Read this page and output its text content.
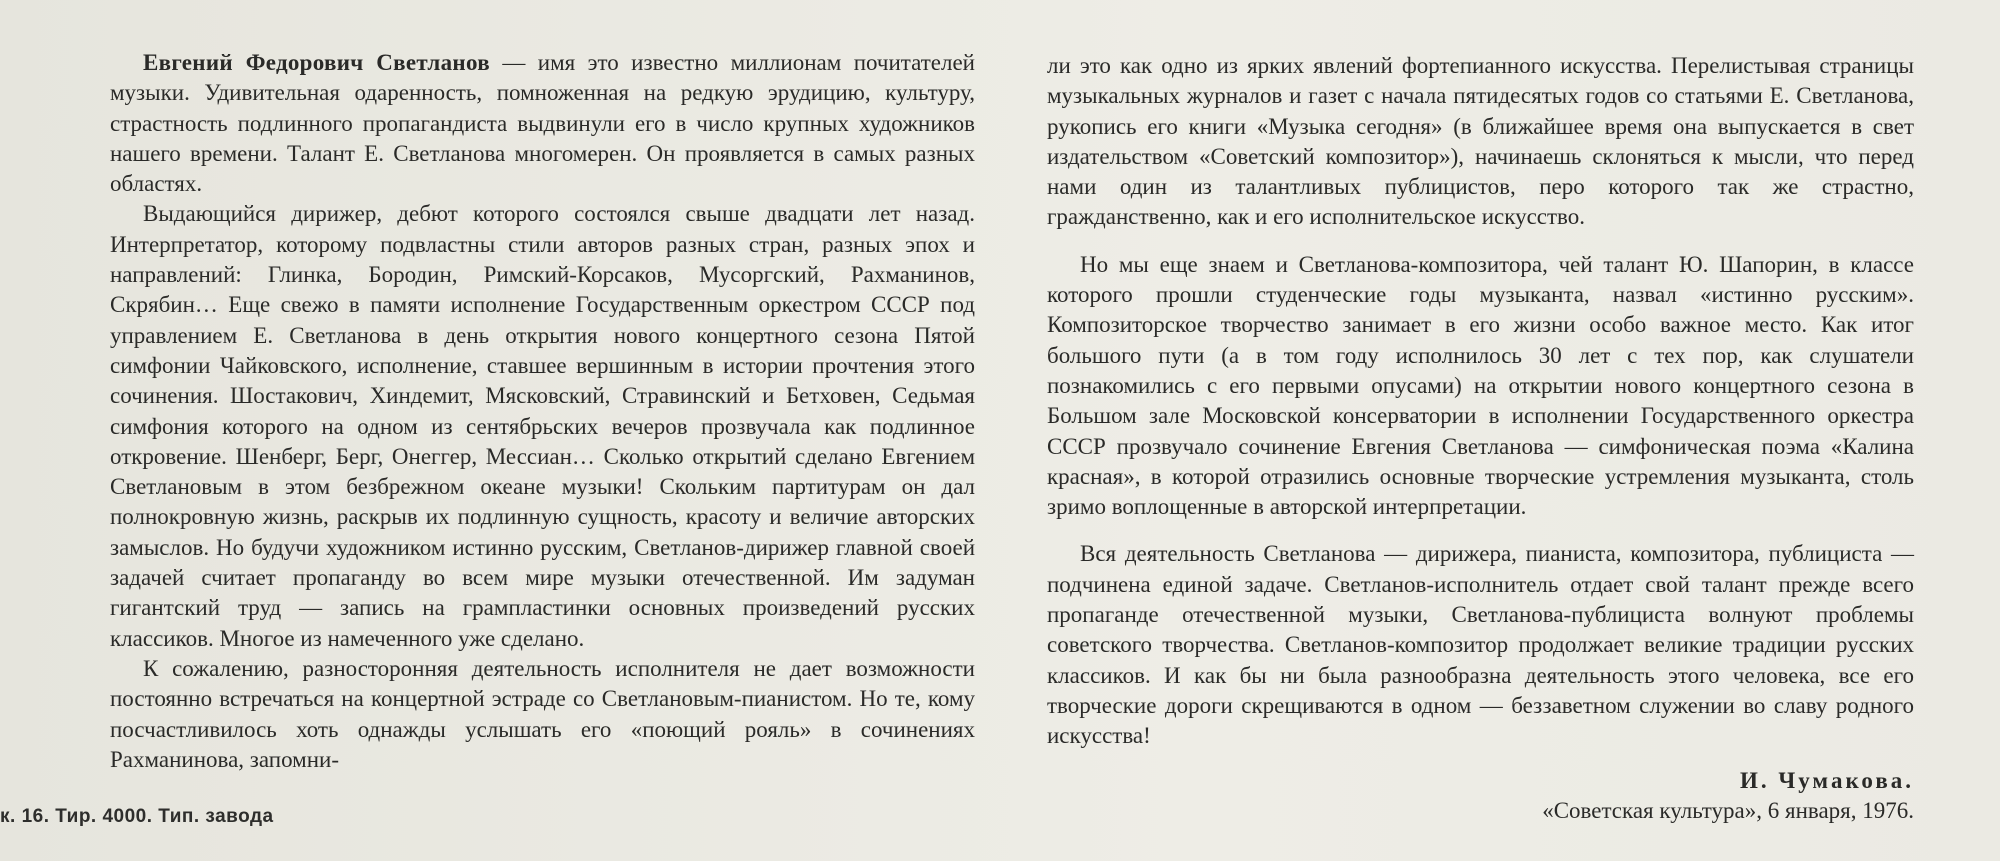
Евгений Федорович Светланов — имя это известно миллионам почитателей музыки. Удивительная одаренность, помноженная на редкую эрудицию, культуру, страстность подлинного пропагандиста выдвинули его в число крупных художников нашего времени. Талант Е. Светланова многомерен. Он проявляется в самых разных областях.

Выдающийся дирижер, дебют которого состоялся свыше двадцати лет назад. Интерпретатор, которому подвластны стили авторов разных стран, разных эпох и направлений: Глинка, Бородин, Римский-Корсаков, Мусоргский, Рахманинов, Скрябин… Еще свежо в памяти исполнение Государственным оркестром СССР под управлением Е. Светланова в день открытия нового концертного сезона Пятой симфонии Чайковского, исполнение, ставшее вершинным в истории прочтения этого сочинения. Шостакович, Хиндемит, Мясковский, Стравинский и Бетховен, Седьмая симфония которого на одном из сентябрьских вечеров прозвучала как подлинное откровение. Шенберг, Берг, Онеггер, Мессиан… Сколько открытий сделано Евгением Светлановым в этом безбрежном океане музыки! Скольким партитурам он дал полнокровную жизнь, раскрыв их подлинную сущность, красоту и величие авторских замыслов. Но будучи художником истинно русским, Светланов-дирижер главной своей задачей считает пропаганду во всем мире музыки отечественной. Им задуман гигантский труд — запись на грампластинки основных произведений русских классиков. Многое из намеченного уже сделано.

К сожалению, разносторонняя деятельность исполнителя не дает возможности постоянно встречаться на концертной эстраде со Светлановым-пианистом. Но те, кому посчастливилось хоть однажды услышать его «поющий рояль» в сочинениях Рахманинова, запомни-

ли это как одно из ярких явлений фортепианного искусства. Перелистывая страницы музыкальных журналов и газет с начала пятидесятых годов со статьями Е. Светланова, рукопись его книги «Музыка сегодня» (в ближайшее время она выпускается в свет издательством «Советский композитор»), начинаешь склоняться к мысли, что перед нами один из талантливых публицистов, перо которого так же страстно, гражданственно, как и его исполнительское искусство.

Но мы еще знаем и Светланова-композитора, чей талант Ю. Шапорин, в классе которого прошли студенческие годы музыканта, назвал «истинно русским». Композиторское творчество занимает в его жизни особо важное место. Как итог большого пути (а в том году исполнилось 30 лет с тех пор, как слушатели познакомились с его первыми опусами) на открытии нового концертного сезона в Большом зале Московской консерватории в исполнении Государственного оркестра СССР прозвучало сочинение Евгения Светланова — симфоническая поэма «Калина красная», в которой отразились основные творческие устремления музыканта, столь зримо воплощенные в авторской интерпретации.

Вся деятельность Светланова — дирижера, пианиста, композитора, публициста — подчинена единой задаче. Светланов-исполнитель отдает свой талант прежде всего пропаганде отечественной музыки, Светланова-публициста волнуют проблемы советского творчества. Светланов-композитор продолжает великие традиции русских классиков. И как бы ни была разнообразна деятельность этого человека, все его творческие дороги скрещиваются в одном — беззаветном служении во славу родного искусства!

И. Чумакова.

«Советская культура», 6 января, 1976.

к. 16. Тир. 4000. Тип. завода
